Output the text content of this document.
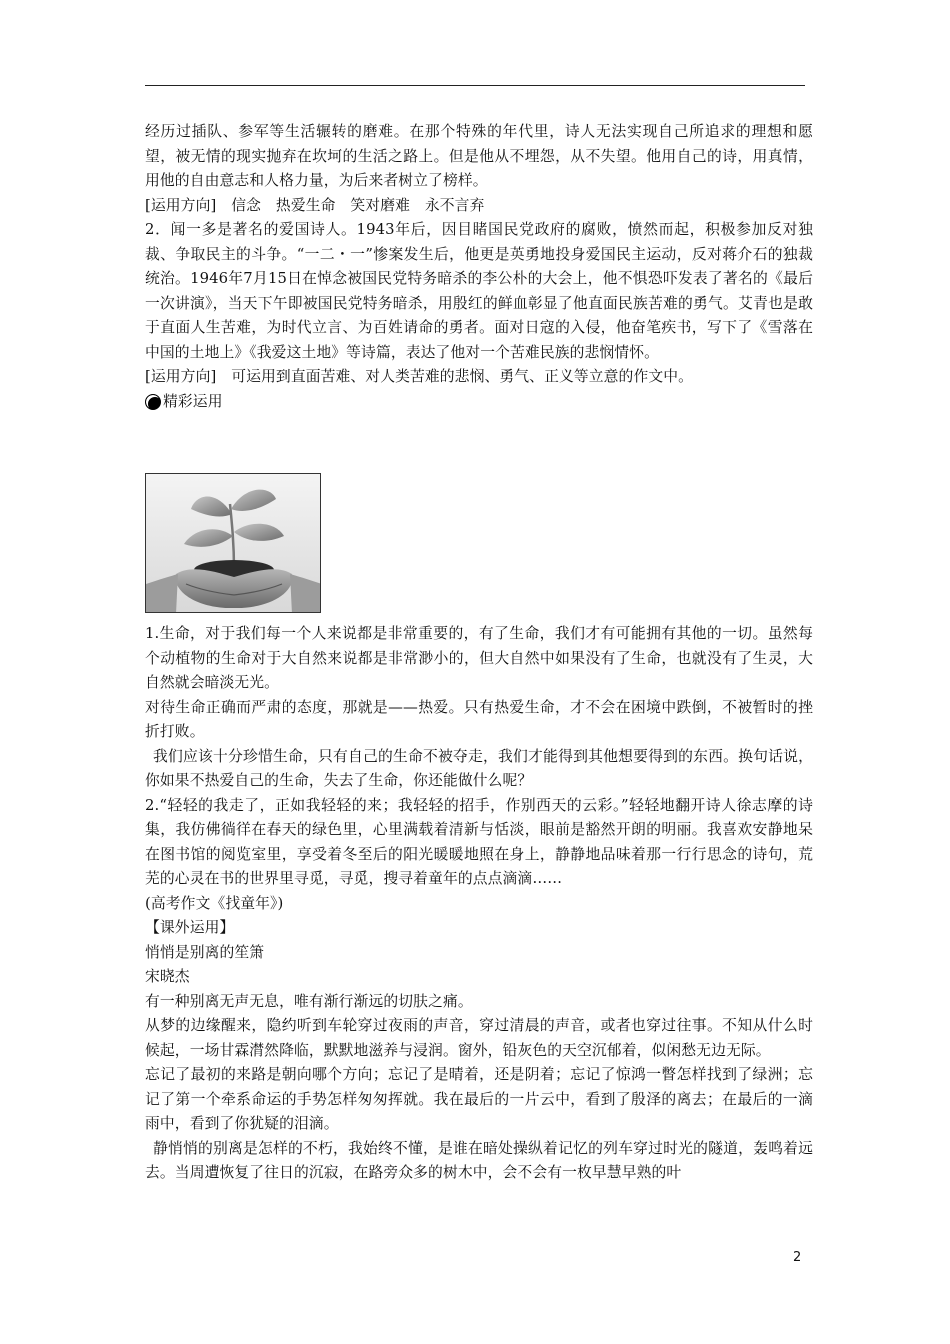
经历过插队、参军等生活辗转的磨难。在那个特殊的年代里，诗人无法实现自己所追求的理想和愿望，被无情的现实抛弃在坎坷的生活之路上。但是他从不埋怨，从不失望。他用自己的诗，用真情，用他的自由意志和人格力量，为后来者树立了榜样。

[运用方向]　信念　热爱生命　笑对磨难　永不言弃

2．闻一多是著名的爱国诗人。1943年后，因目睹国民党政府的腐败，愤然而起，积极参加反对独裁、争取民主的斗争。“一二・一”惨案发生后，他更是英勇地投身爱国民主运动，反对蒋介石的独裁统治。1946年7月15日在悼念被国民党特务暗杀的李公朴的大会上，他不惧恐吓发表了著名的《最后一次讲演》，当天下午即被国民党特务暗杀，用殷红的鲜血彰显了他直面民族苦难的勇气。艾青也是敢于直面人生苦难，为时代立言、为百姓请命的勇者。面对日寇的入侵，他奋笔疾书，写下了《雪落在中国的土地上》《我爱这土地》等诗篇，表达了他对一个苦难民族的悲悯情怀。

[运用方向]　可运用到直面苦难、对人类苦难的悲悯、勇气、正义等立意的作文中。

精彩运用

1.生命，对于我们每一个人来说都是非常重要的，有了生命，我们才有可能拥有其他的一切。虽然每个动植物的生命对于大自然来说都是非常渺小的，但大自然中如果没有了生命，也就没有了生灵，大自然就会暗淡无光。

对待生命正确而严肃的态度，那就是——热爱。只有热爱生命，才不会在困境中跌倒，不被暂时的挫折打败。

我们应该十分珍惜生命，只有自己的生命不被夺走，我们才能得到其他想要得到的东西。换句话说，你如果不热爱自己的生命，失去了生命，你还能做什么呢？

2.“轻轻的我走了，正如我轻轻的来；我轻轻的招手，作别西天的云彩。”轻轻地翻开诗人徐志摩的诗集，我仿佛徜徉在春天的绿色里，心里满载着清新与恬淡，眼前是豁然开朗的明丽。我喜欢安静地呆在图书馆的阅览室里，享受着冬至后的阳光暖暖地照在身上，静静地品味着那一行行思念的诗句，荒芜的心灵在书的世界里寻觅，寻觅，搜寻着童年的点点滴滴……

(高考作文《找童年》)

【课外运用】

悄悄是别离的笙箫

宋晓杰

有一种别离无声无息，唯有渐行渐远的切肤之痛。

从梦的边缘醒来，隐约听到车轮穿过夜雨的声音，穿过清晨的声音，或者也穿过往事。不知从什么时候起，一场甘霖潸然降临，默默地滋养与浸润。窗外，铅灰色的天空沉郁着，似闲愁无边无际。

忘记了最初的来路是朝向哪个方向；忘记了是晴着，还是阴着；忘记了惊鸿一瞥怎样找到了绿洲；忘记了第一个牵系命运的手势怎样匆匆挥就。我在最后的一片云中，看到了殷泽的离去；在最后的一滴雨中，看到了你犹疑的泪滴。

静悄悄的别离是怎样的不朽，我始终不懂，是谁在暗处操纵着记忆的列车穿过时光的隧道，轰鸣着远去。当周遭恢复了往日的沉寂，在路旁众多的树木中，会不会有一枚早慧早熟的叶

2
